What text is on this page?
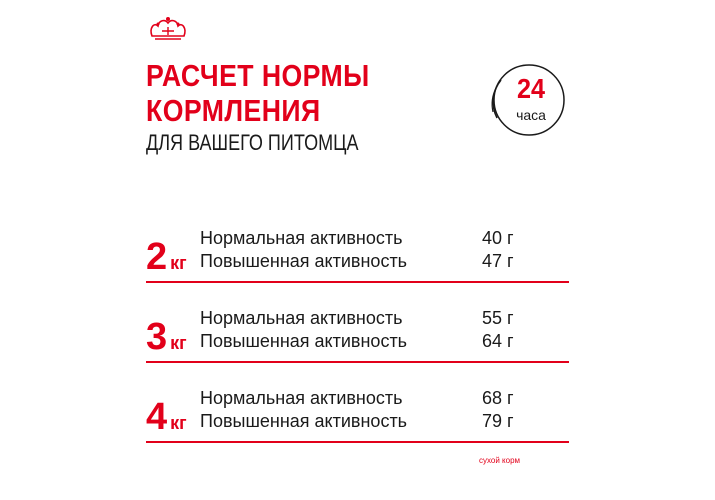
РАСЧЕТ НОРМЫ
КОРМЛЕНИЯ
ДЛЯ ВАШЕГО ПИТОМЦА
24
часа
2 кг
Нормальная активность	40 г
Повышенная активность	47 г
3 кг
Нормальная активность	55 г
Повышенная активность	64 г
4 кг
Нормальная активность	68 г
Повышенная активность	79 г
сухой корм
